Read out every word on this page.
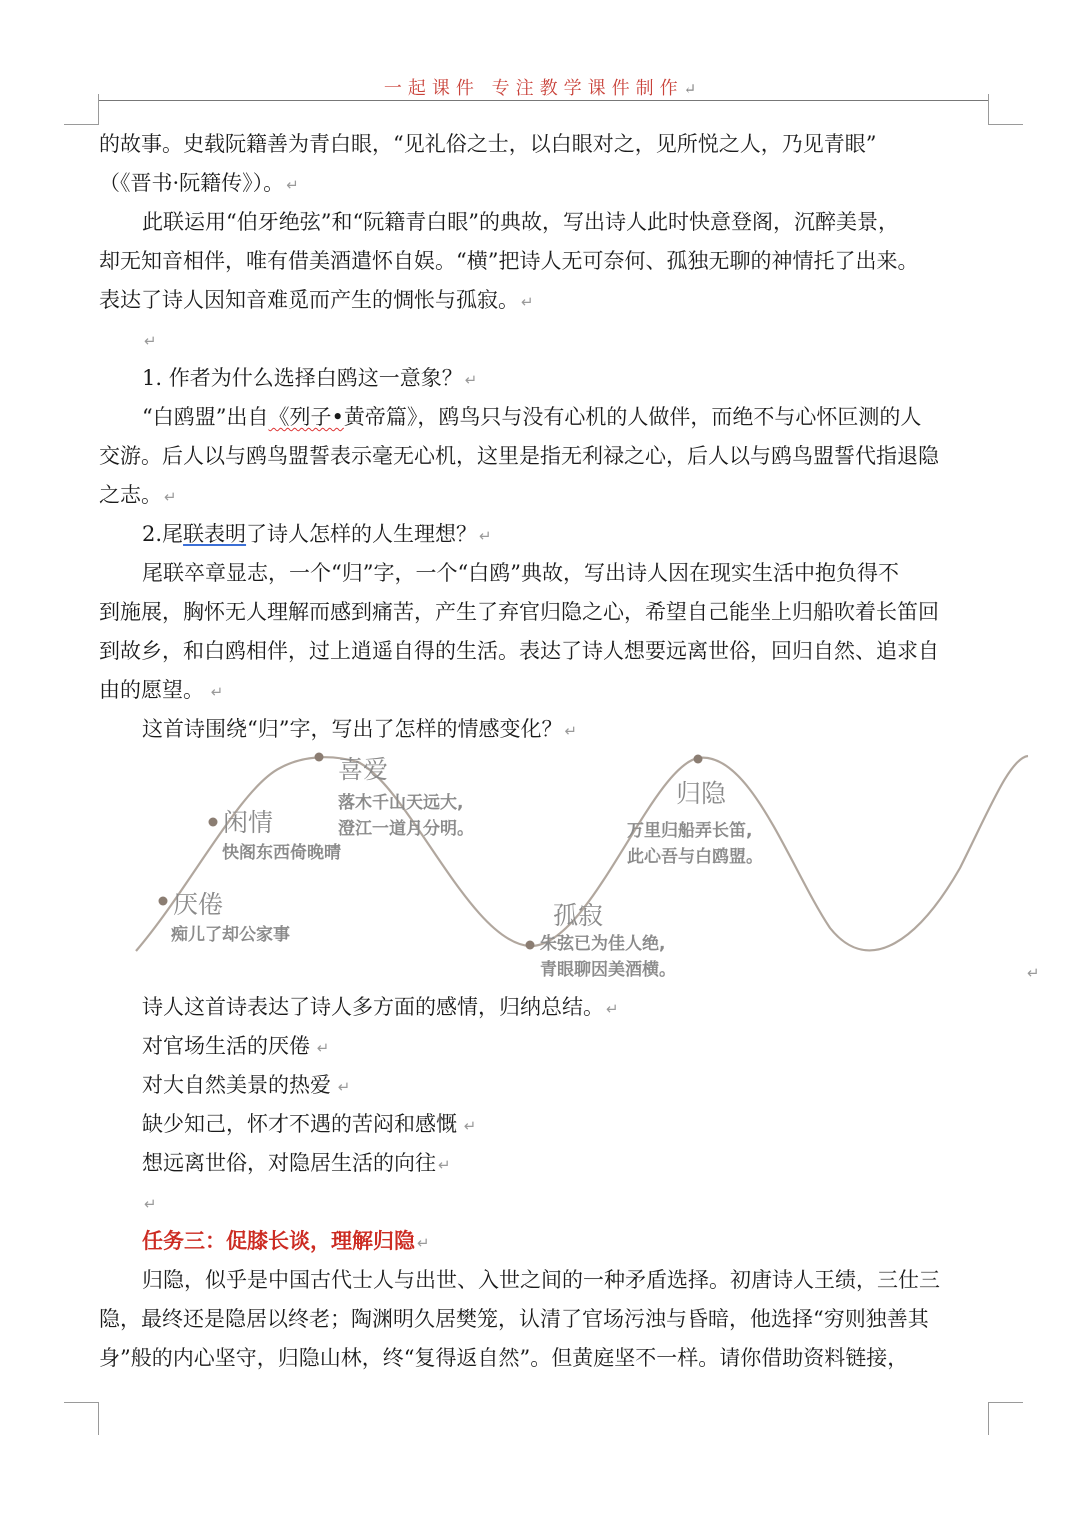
一起课件 专注教学课件制作↵
的故事。史载阮籍善为青白眼，“见礼俗之士，以白眼对之，见所悦之人，乃见青眼”
（《晋书·阮籍传》）。 ↵
此联运用“伯牙绝弦”和“阮籍青白眼”的典故，写出诗人此时快意登阁，沉醉美景，
却无知音相伴，唯有借美酒遣怀自娱。“横”把诗人无可奈何、孤独无聊的神情托了出来。
表达了诗人因知音难觅而产生的惆怅与孤寂。 ↵
↵
1. 作者为什么选择白鸥这一意象？ ↵
“白鸥盟”出自《列子•黄帝篇》，鸥鸟只与没有心机的人做伴，而绝不与心怀叵测的人
交游。后人以与鸥鸟盟誓表示毫无心机，这里是指无利禄之心，后人以与鸥鸟盟誓代指退隐
之志。 ↵
2.尾联表明了诗人怎样的人生理想？ ↵
尾联卒章显志，一个“归”字，一个“白鸥”典故，写出诗人因在现实生活中抱负得不
到施展，胸怀无人理解而感到痛苦，产生了弃官归隐之心，希望自己能坐上归船吹着长笛回
到故乡，和白鸥相伴，过上逍遥自得的生活。表达了诗人想要远离世俗，回归自然、追求自
由的愿望。 ↵
这首诗围绕“归”字，写出了怎样的情感变化？ ↵
厌倦
痴儿了却公家事
闲情
快阁东西倚晚晴
喜爱
落木千山天远大,
澄江一道月分明。
孤寂
朱弦已为佳人绝,
青眼聊因美酒横。
归隐
万里归船弄长笛,
此心吾与白鸥盟。
↵
诗人这首诗表达了诗人多方面的感情，归纳总结。 ↵
对官场生活的厌倦 ↵
对大自然美景的热爱 ↵
缺少知己，怀才不遇的苦闷和感慨 ↵
想远离世俗，对隐居生活的向往 ↵
↵
任务三：促膝长谈，理解归隐 ↵
归隐，似乎是中国古代士人与出世、入世之间的一种矛盾选择。初唐诗人王绩，三仕三
隐，最终还是隐居以终老；陶渊明久居樊笼，认清了官场污浊与昏暗，他选择“穷则独善其
身”般的内心坚守，归隐山林，终“复得返自然”。但黄庭坚不一样。请你借助资料链接，
